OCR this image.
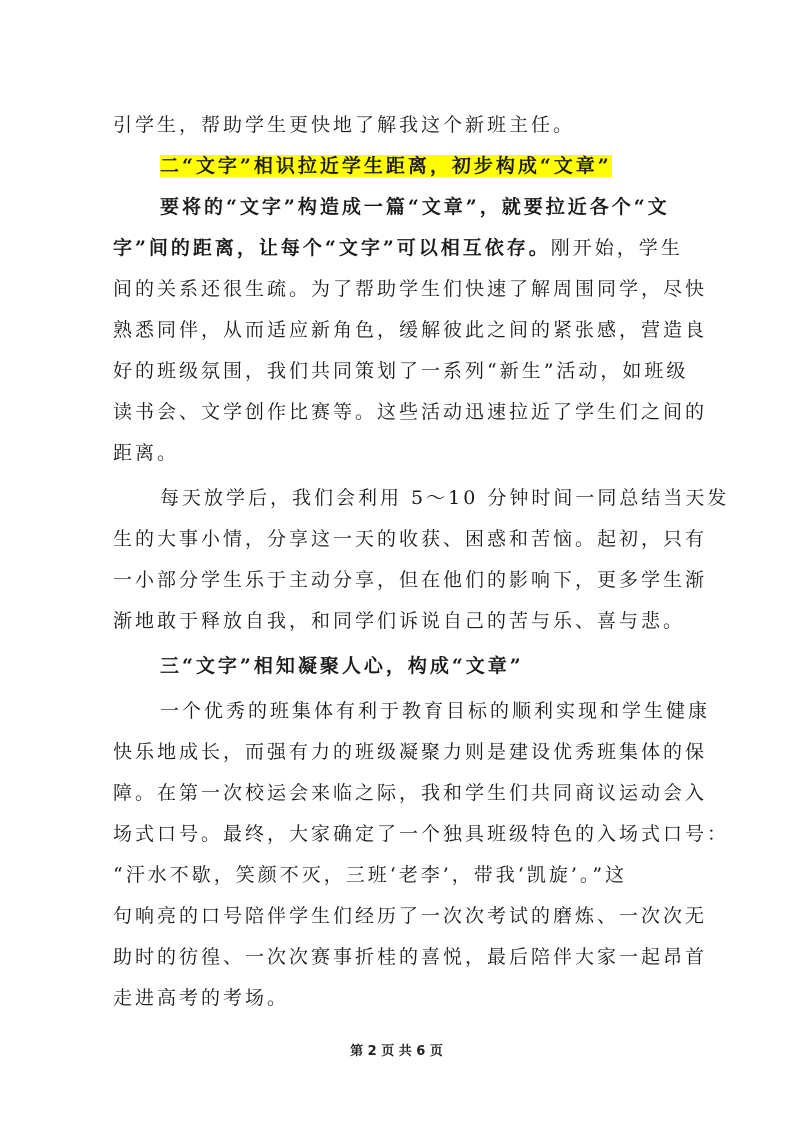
引学生，帮助学生更快地了解我这个新班主任。
二“文字”相识拉近学生距离，初步构成“文章”
要将的“文字”构造成一篇“文章”，就要拉近各个“文
字”间的距离，让每个“文字”可以相互依存。刚开始，学生
间的关系还很生疏。为了帮助学生们快速了解周围同学，尽快
熟悉同伴，从而适应新角色，缓解彼此之间的紧张感，营造良
好的班级氛围，我们共同策划了一系列“新生”活动，如班级
读书会、文学创作比赛等。这些活动迅速拉近了学生们之间的
距离。
每天放学后，我们会利用 5～10 分钟时间一同总结当天发
生的大事小情，分享这一天的收获、困惑和苦恼。起初，只有
一小部分学生乐于主动分享，但在他们的影响下，更多学生渐
渐地敢于释放自我，和同学们诉说自己的苦与乐、喜与悲。
三“文字”相知凝聚人心，构成“文章”
一个优秀的班集体有利于教育目标的顺利实现和学生健康
快乐地成长，而强有力的班级凝聚力则是建设优秀班集体的保
障。在第一次校运会来临之际，我和学生们共同商议运动会入
场式口号。最终，大家确定了一个独具班级特色的入场式口号：
“汗水不歇，笑颜不灭，三班‘老李’，带我‘凯旋’。”这
句响亮的口号陪伴学生们经历了一次次考试的磨炼、一次次无
助时的彷徨、一次次赛事折桂的喜悦，最后陪伴大家一起昂首
走进高考的考场。
第 2 页 共 6 页
